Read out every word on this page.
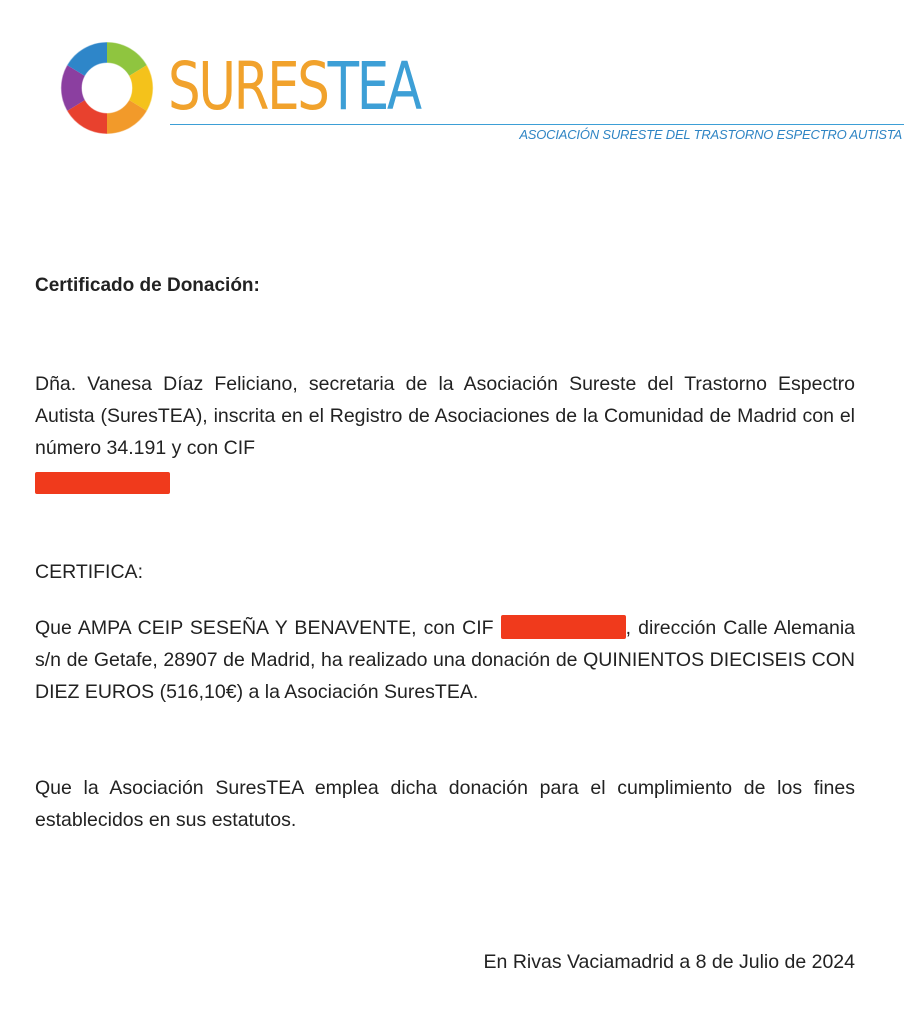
SURESTEA
ASOCIACIÓN SURESTE DEL TRASTORNO ESPECTRO AUTISTA
Certificado de Donación:
Dña. Vanesa Díaz Feliciano, secretaria de la Asociación Sureste del Trastorno Espectro Autista (SuresTEA), inscrita en el Registro de Asociaciones de la Comunidad de Madrid con el número 34.191 y con CIF

CERTIFICA:
Que AMPA CEIP SESEÑA Y BENAVENTE, con CIF	, dirección Calle Alemania s/n de Getafe, 28907 de Madrid, ha realizado una donación de QUINIENTOS DIECISEIS CON DIEZ EUROS (516,10€) a la Asociación SuresTEA.
Que la Asociación SuresTEA emplea dicha donación para el cumplimiento de los fines establecidos en sus estatutos.
En Rivas Vaciamadrid a 8 de Julio de 2024
